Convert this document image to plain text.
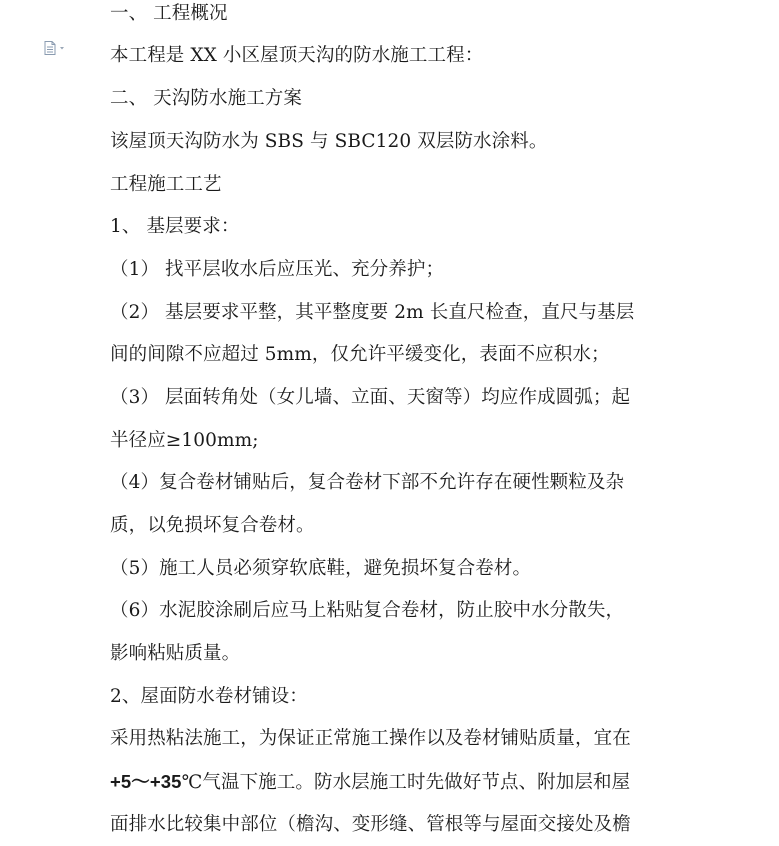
一、 工程概况
本工程是 XX 小区屋顶天沟的防水施工工程：
二、 天沟防水施工方案
该屋顶天沟防水为 SBS 与 SBC120 双层防水涂料。
工程施工工艺
1、 基层要求：
（1） 找平层收水后应压光、充分养护；
（2） 基层要求平整，其平整度要 2m 长直尺检查，直尺与基层
间的间隙不应超过 5mm，仅允许平缓变化，表面不应积水；
（3） 层面转角处（女儿墙、立面、天窗等）均应作成圆弧；起
半径应≥100mm;
（4）复合卷材铺贴后，复合卷材下部不允许存在硬性颗粒及杂
质，以免损坏复合卷材。
（5）施工人员必须穿软底鞋，避免损坏复合卷材。
（6）水泥胶涂刷后应马上粘贴复合卷材，防止胶中水分散失，
影响粘贴质量。
2、屋面防水卷材铺设：
采用热粘法施工，为保证正常施工操作以及卷材铺贴质量，宜在
+5～+35℃气温下施工。防水层施工时先做好节点、附加层和屋
面排水比较集中部位（檐沟、变形缝、管根等与屋面交接处及檐
